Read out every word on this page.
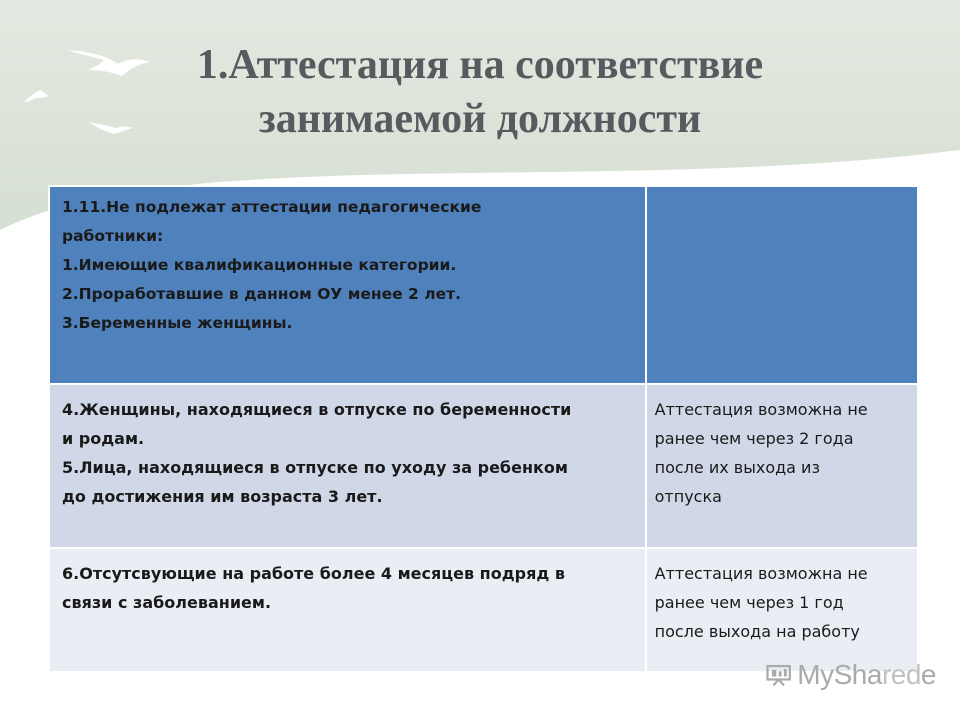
1.Аттестация на соответствие
занимаемой должности
1.11.Не подлежат аттестации педагогические
работники:
1.Имеющие квалификационные категории.
2.Проработавшие в данном ОУ менее 2 лет.
3.Беременные женщины.	

4.Женщины, находящиеся в отпуске по беременности
и родам.
5.Лица, находящиеся в отпуске по уходу за ребенком
до достижения им возраста 3 лет.	Аттестация возможна не
ранее чем через 2 года
после их выхода из
отпуска

6.Отсутсвующие на работе более 4 месяцев подряд в
связи с заболеванием.	Аттестация возможна не
ранее чем через 1 год
после выхода на работу
MySharede
